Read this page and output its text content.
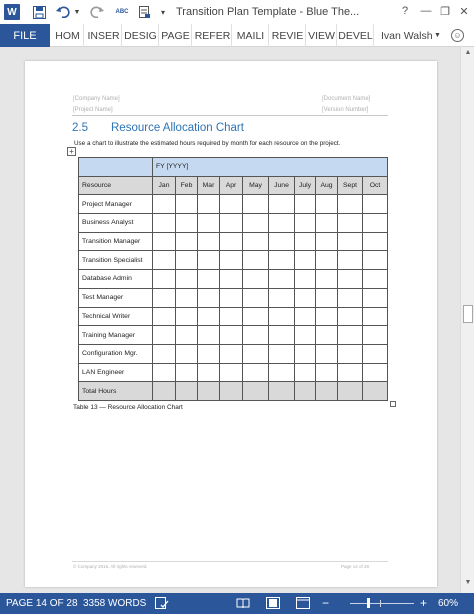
W	▼	ABC	▾ Transition Plan Template - Blue The...	? — ❐ ✕
FILE	HOM INSER DESIG PAGE REFER MAILI REVIE VIEW DEVEL Ivan Walsh ▼	☺
[Company Name]
[Project Name]
[Document Name]
[Version Number]
2.5 Resource Allocation Chart
Use a chart to illustrate the estimated hours required by month for each resource on the project.
+
	FY [YYYY]									
Resource	Jan	Feb	Mar	Apr	May	June	July	Aug	Sept	Oct
Project Manager										
Business Analyst										
Transition Manager										
Transition Specialist										
Database Admin										
Test Manager										
Technical Writer										
Training Manager										
Configuration Mgr.										
LAN Engineer										
Total Hours										
Table 13 — Resource Allocation Chart
© Company 2016. All rights reserved.	Page 14 of 28
▲
▼
PAGE 14 OF 28 3358 WORDS	−	+ 60%
